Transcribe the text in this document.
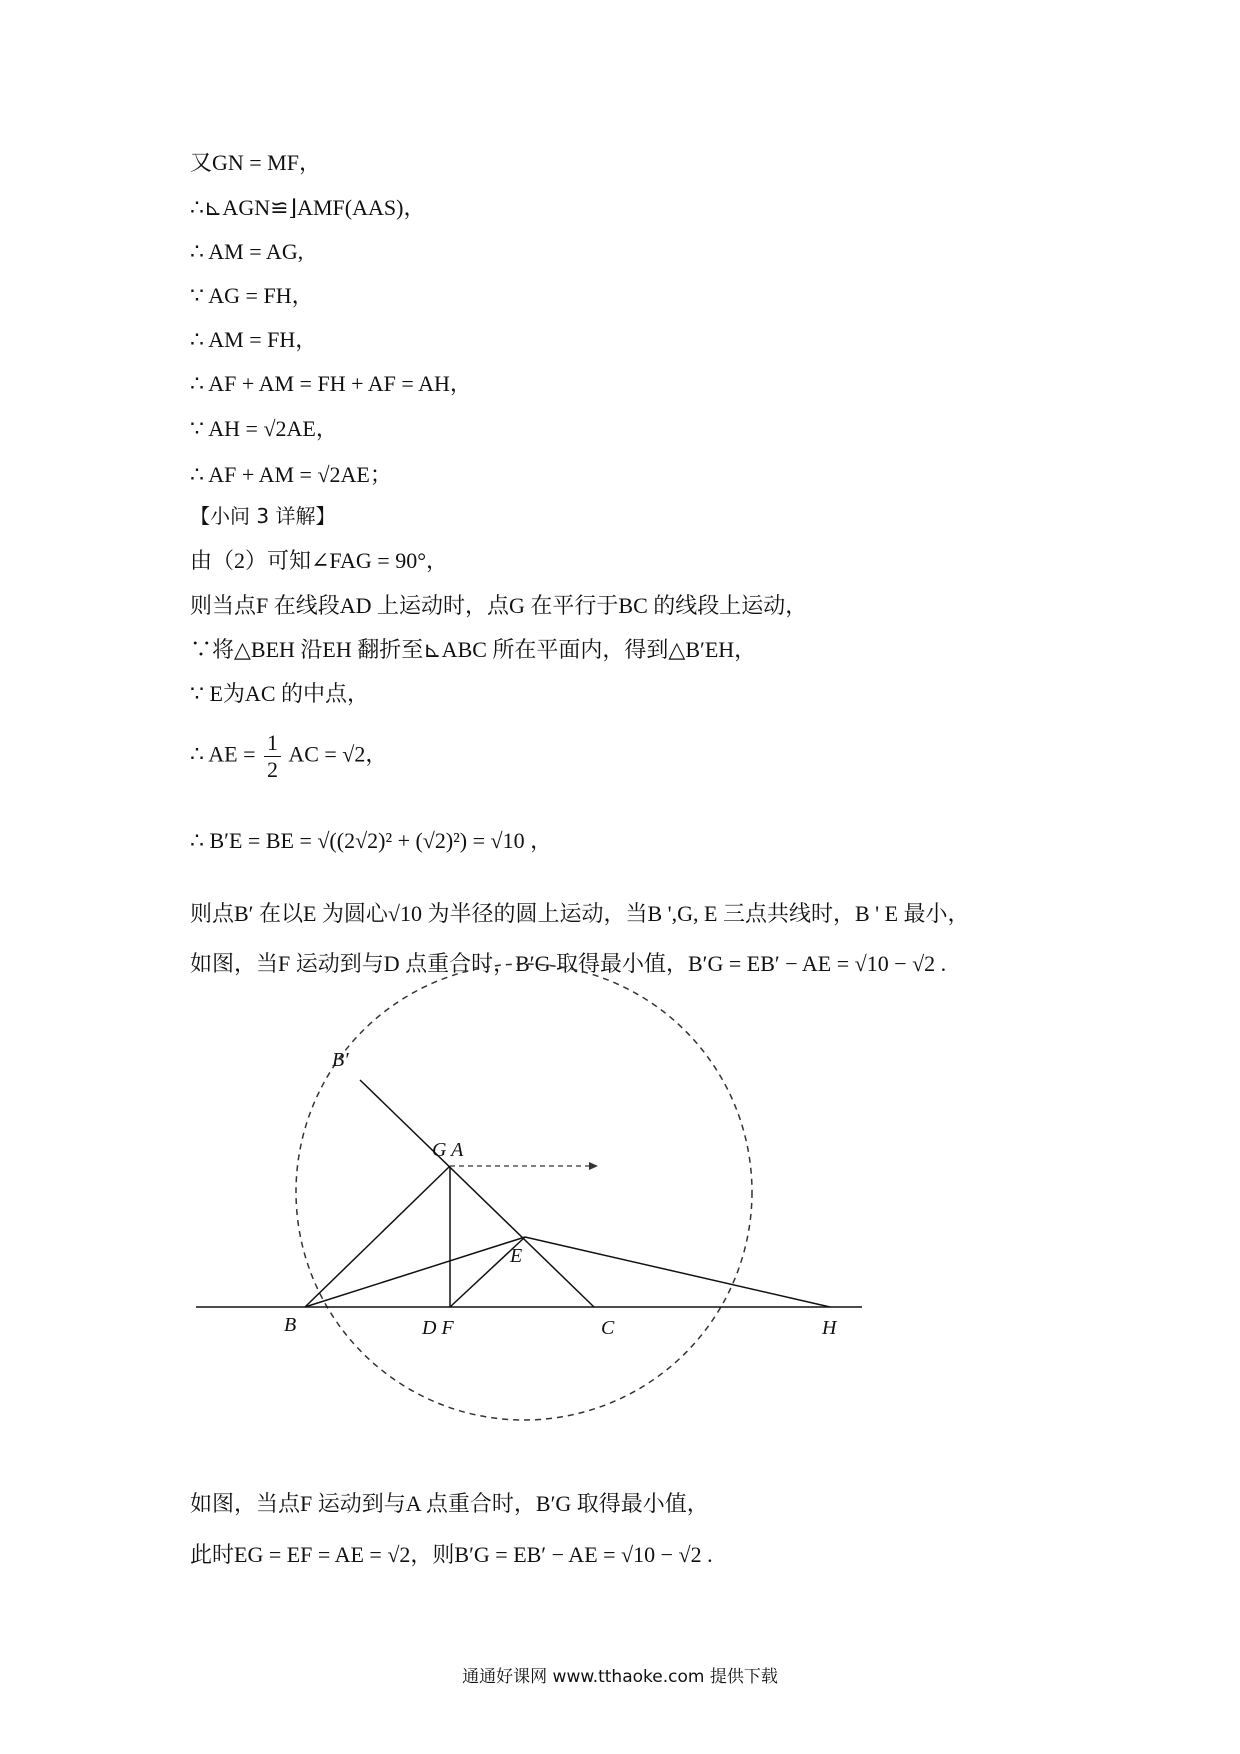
又GN = MF，
∴⊾AGN≌⌋AMF(AAS)，
∴ AM = AG,
∵ AG = FH，
∴ AM = FH，
∴ AF + AM = FH + AF = AH，
∵ AH = √2AE，
∴ AF + AM = √2AE；
【小问 3 详解】
由（2）可知∠FAG = 90°，
则当点F 在线段AD 上运动时，点G 在平行于BC 的线段上运动，
∵将△BEH 沿EH 翻折至⊾ABC 所在平面内，得到△B′EH，
∵ E为AC 的中点，
∴ AE = $\frac{1}{2}$ AC = √2，
∴ B′E = BE = √((2√2)² + (√2)²) = √10 ，
则点B′ 在以E 为圆心√10 为半径的圆上运动，当B ',G, E 三点共线时，B ' E 最小，
如图，当F 运动到与D 点重合时，B′G 取得最小值，B′G = EB′ − AE = √10 − √2 .
B′
G A
E
B	D F	C	H
如图，当点F 运动到与A 点重合时，B′G 取得最小值，
此时EG = EF = AE = √2，则B′G = EB′ − AE = √10 − √2 .
通通好课网 www.tthaoke.com 提供下载
